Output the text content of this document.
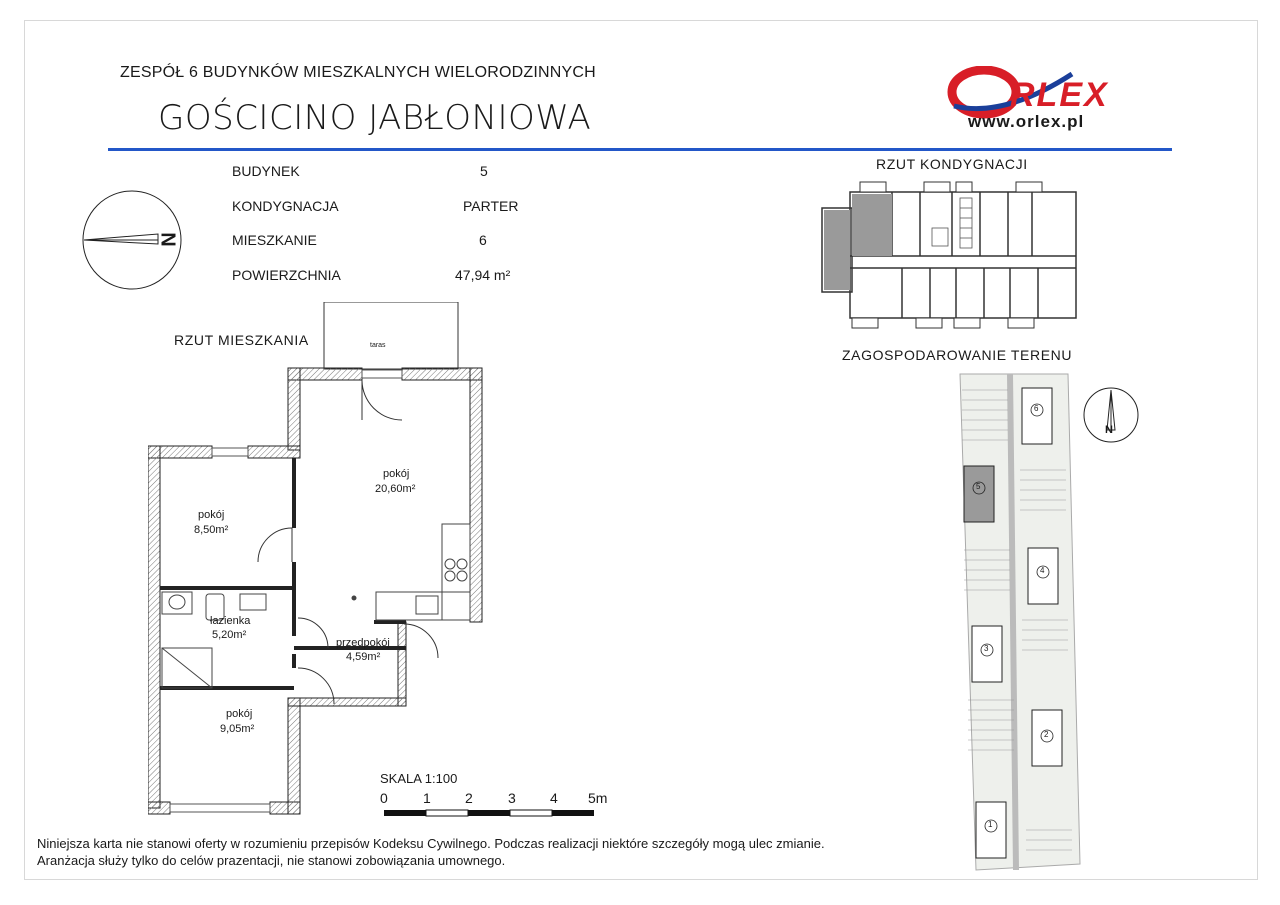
ZESPÓŁ 6 BUDYNKÓW MIESZKALNYCH WIELORODZINNYCH
GOŚCICINO JABŁONIOWA
RLEX
www.orlex.pl
BUDYNEK	5
KONDYGNACJA	PARTER
MIESZKANIE	6
POWIERZCHNIA	47,94 m²
N
RZUT MIESZKANIA
RZUT KONDYGNACJI
ZAGOSPODAROWANIE TERENU
taras
pokój
20,60m²
pokój
8,50m²
łazienka
5,20m²
przedpokój
4,59m²
pokój
9,05m²
SKALA 1:100
0	1 2	3 4 5m
6
5
4
3
2
1
N
Niniejsza karta nie stanowi oferty w rozumieniu przepisów Kodeksu Cywilnego. Podczas realizacji niektóre szczegóły mogą ulec zmianie.
Aranżacja służy tylko do celów prazentacji, nie stanowi zobowiązania umownego.
